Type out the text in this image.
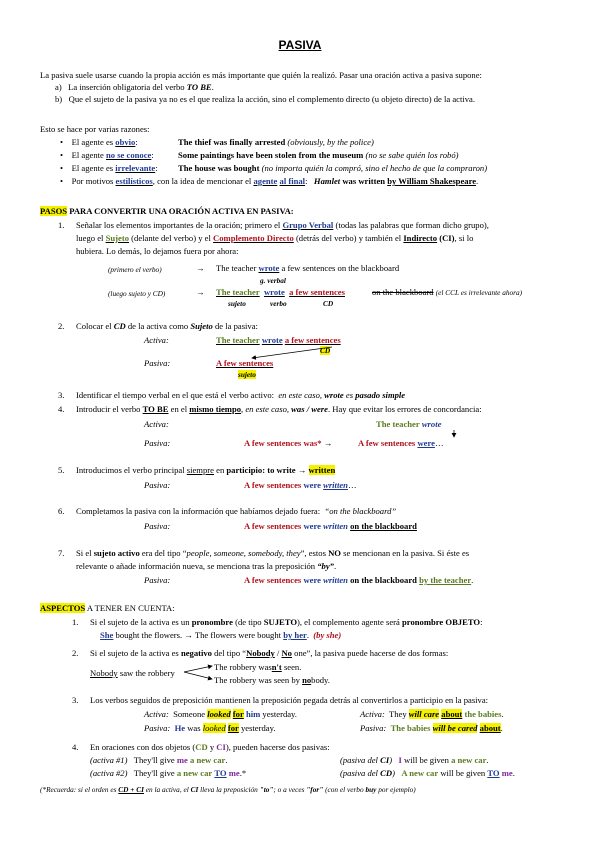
PASIVA
La pasiva suele usarse cuando la propia acción es más importante que quién la realizó. Pasar una oración activa a pasiva supone:
a) La inserción obligatoria del verbo TO BE.
b) Que el sujeto de la pasiva ya no es el que realiza la acción, sino el complemento directo (u objeto directo) de la activa.
Esto se hace por varias razones:
•    El agente es obvio:	The thief was finally arrested (obviously, by the police)
•    El agente no se conoce:	Some paintings have been stolen from the museum (no se sabe quién los robó)
•    El agente es irrelevante: The house was bought (no importa quién la compró, sino el hecho de que la compraron)
•    Por motivos estilísticos, con la idea de mencionar el agente al final: Hamlet was written by William Shakespeare.
PASOS PARA CONVERTIR UNA ORACIÓN ACTIVA EN PASIVA:
1. Señalar los elementos importantes de la oración; primero el Grupo Verbal (todas las palabras que forman dicho grupo),
luego el Sujeto (delante del verbo) y el Complemento Directo (detrás del verbo) y también el Indirecto (CI), si lo
hubiera. Lo demás, lo dejamos fuera por ahora:
(primero el verbo)	→ The teacher wrote a few sentences on the blackboard
g. verbal
(luego sujeto y CD)	→ The teacher wrote a few sentences	on the blackboard (el CCL es irrelevante ahora)
sujeto	verbo	CD
2. Colocar el CD de la activa como Sujeto de la pasiva:
Activa:	The teacher wrote a few sentences
CD
Pasiva:	A few sentences
sujeto
3. Identificar el tiempo verbal en el que está el verbo activo: en este caso, wrote es pasado simple
4. Introducir el verbo TO BE en el mismo tiempo, en este caso, was / were. Hay que evitar los errores de concordancia:
Activa:	The teacher wrote
Pasiva:	A few sentences was* →	A few sentences were…
5. Introducimos el verbo principal siempre en participio: to write → written
Pasiva:	A few sentences were written…
6. Completamos la pasiva con la información que habíamos dejado fuera: “on the blackboard”
Pasiva:	A few sentences were written on the blackboard
7. Si el sujeto activo era del tipo “people, someone, somebody, they”, estos NO se mencionan en la pasiva. Si éste es
relevante o añade información nueva, se menciona tras la preposición “by”.
Pasiva:	A few sentences were written on the blackboard by the teacher.
ASPECTOS A TENER EN CUENTA:
1. Si el sujeto de la activa es un pronombre (de tipo SUJETO), el complemento agente será pronombre OBJETO:
She bought the flowers. → The flowers were bought by her. (by she)
2. Si el sujeto de la activa es negativo del tipo “Nobody / No one”, la pasiva puede hacerse de dos formas:
Nobody saw the robbery
The robbery wasn't seen.
The robbery was seen by nobody.
3. Los verbos seguidos de preposición mantienen la preposición pegada detrás al convertirlos a participio en la pasiva:
Activa: Someone looked for him yesterday.	Activa: They will care about the babies.
Pasiva: He was looked for yesterday.	Pasiva: The babies will be cared about.
4. En oraciones con dos objetos (CD y CI), pueden hacerse dos pasivas:
(activa #1) They'll give me a new car.	(pasiva del CI) I will be given a new car.
(activa #2) They'll give a new car TO me.*	(pasiva del CD) A new car will be given TO me.
(*Recuerda: si el orden es CD + CI en la activa, el CI lleva la preposición "to"; o a veces "for" (con el verbo buy por ejemplo)
